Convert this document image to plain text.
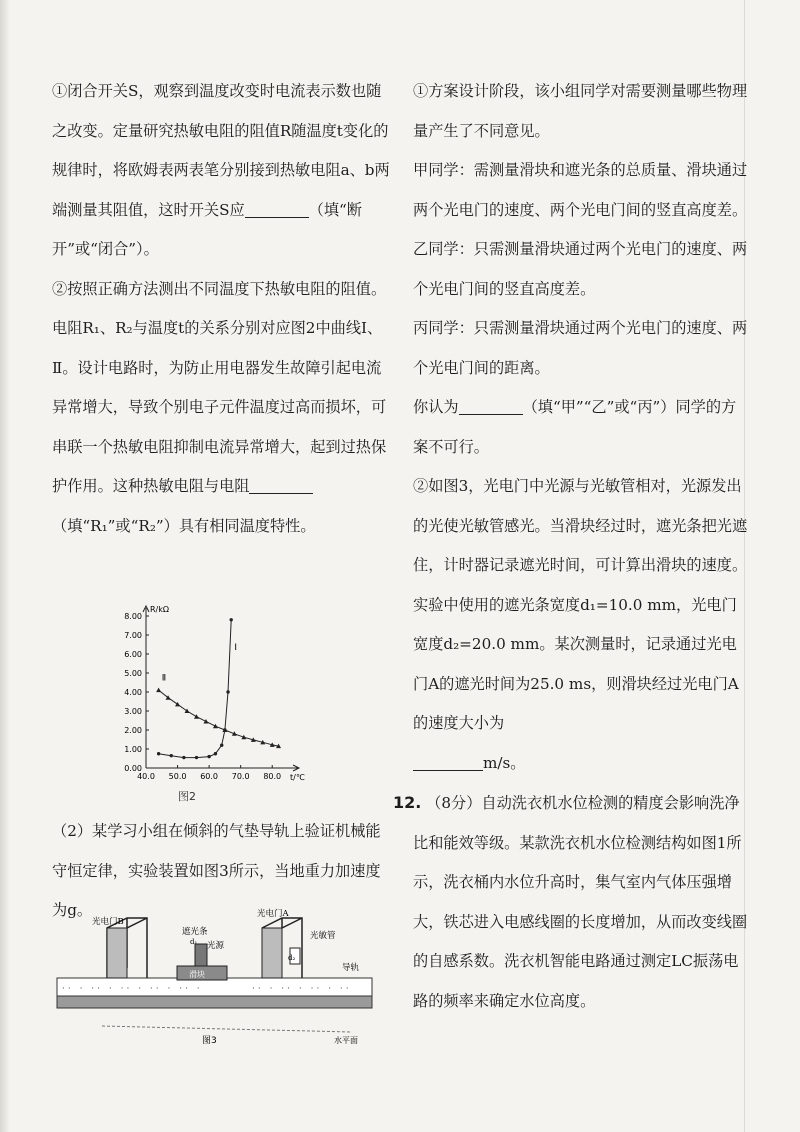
①闭合开关S，观察到温度改变时电流表示数也随之改变。定量研究热敏电阻的阻值R随温度t变化的规律时，将欧姆表两表笔分别接到热敏电阻a、b两端测量其阻值，这时开关S应	（填“断开”或“闭合”）。

②按照正确方法测出不同温度下热敏电阻的阻值。电阻R₁、R₂与温度t的关系分别对应图2中曲线Ⅰ、Ⅱ。设计电路时，为防止用电器发生故障引起电流异常增大，导致个别电子元件温度过高而损坏，可串联一个热敏电阻抑制电流异常增大，起到过热保护作用。这种热敏电阻与电阻（填“R₁”或“R₂”）具有相同温度特性。

0.00
1.00
2.00
3.00
4.00
5.00
6.00
7.00
8.00
40.0 50.0 60.0 70.0 80.0
R/kΩ
t/℃
Ⅰ
Ⅱ
图2

（2）某学习小组在倾斜的气垫导轨上验证机械能守恒定律，实验装置如图3所示，当地重力加速度为g。

·· · ·· · ·· · ·· · ·· ·	·· · ·· · ·· · ··
滑块
光电门B
遮光条
光源
d₁
光电门A
光敏管
d₂
导轨
水平面
图3

①方案设计阶段，该小组同学对需要测量哪些物理量产生了不同意见。

甲同学：需测量滑块和遮光条的总质量、滑块通过两个光电门的速度、两个光电门间的竖直高度差。

乙同学：只需测量滑块通过两个光电门的速度、两个光电门间的竖直高度差。

丙同学：只需测量滑块通过两个光电门的速度、两个光电门间的距离。

你认为	（填“甲”“乙”或“丙”）同学的方案不可行。

②如图3，光电门中光源与光敏管相对，光源发出的光使光敏管感光。当滑块经过时，遮光条把光遮住，计时器记录遮光时间，可计算出滑块的速度。实验中使用的遮光条宽度d₁=10.0 mm，光电门宽度d₂=20.0 mm。某次测量时，记录通过光电门A的遮光时间为25.0 ms，则滑块经过光电门A的速度大小为
m/s。

12. （8分）自动洗衣机水位检测的精度会影响洗净比和能效等级。某款洗衣机水位检测结构如图1所示，洗衣桶内水位升高时，集气室内气体压强增大，铁芯进入电感线圈的长度增加，从而改变线圈的自感系数。洗衣机智能电路通过测定LC振荡电路的频率来确定水位高度。
